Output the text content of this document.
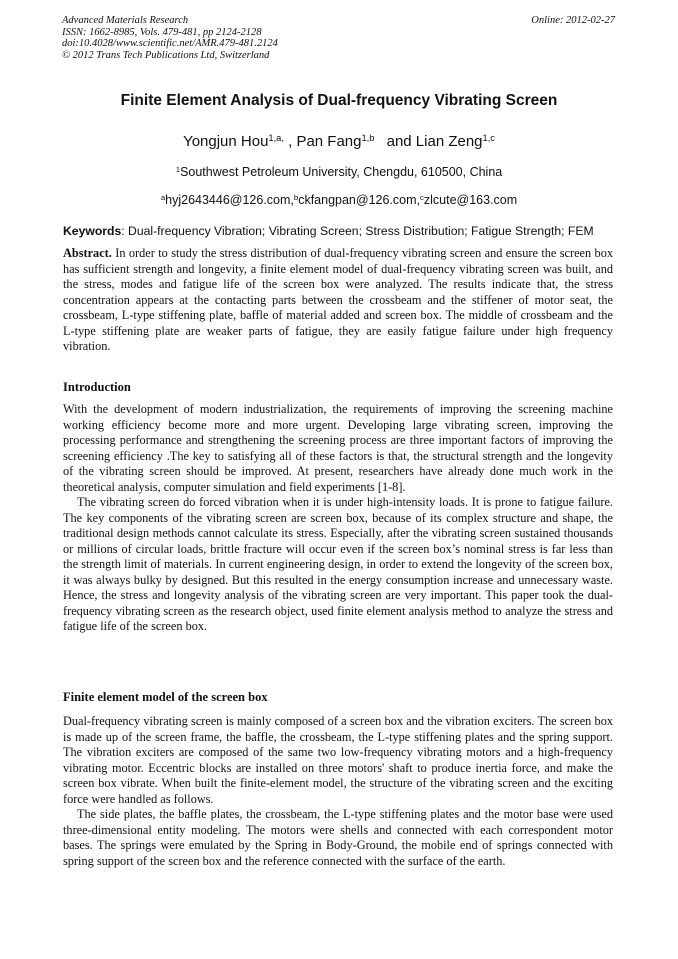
Advanced Materials Research
ISSN: 1662-8985, Vols. 479-481, pp 2124-2128
doi:10.4028/www.scientific.net/AMR.479-481.2124
© 2012 Trans Tech Publications Ltd, Switzerland
Online: 2012-02-27
Finite Element Analysis of Dual-frequency Vibrating Screen
Yongjun Hou$^{1,a,}$ , Pan Fang$^{1,b}$ and Lian Zeng$^{1,c}$
$^1$Southwest Petroleum University, Chengdu, 610500, China
$^a$hyj2643446@126.com,$^b$ckfangpan@126.com,$^c$zlcute@163.com
Keywords: Dual-frequency Vibration; Vibrating Screen; Stress Distribution; Fatigue Strength; FEM
Abstract. In order to study the stress distribution of dual-frequency vibrating screen and ensure the screen box has sufficient strength and longevity, a finite element model of dual-frequency vibrating screen was built, and the stress, modes and fatigue life of the screen box were analyzed. The results indicate that, the stress concentration appears at the contacting parts between the crossbeam and the stiffener of motor seat, the crossbeam, L-type stiffening plate, baffle of material added and screen box. The middle of crossbeam and the L-type stiffening plate are weaker parts of fatigue, they are easily fatigue failure under high frequency vibration.
Introduction

With the development of modern industrialization, the requirements of improving the screening machine working efficiency become more and more urgent. Developing large vibrating screen, improving the processing performance and strengthening the screening process are three important factors of improving the screening efficiency .The key to satisfying all of these factors is that, the structural strength and the longevity of the vibrating screen should be improved. At present, researchers have already done much work in the theoretical analysis, computer simulation and field experiments [1-8].

The vibrating screen do forced vibration when it is under high-intensity loads. It is prone to fatigue failure. The key components of the vibrating screen are screen box, because of its complex structure and shape, the traditional design methods cannot calculate its stress. Especially, after the vibrating screen sustained thousands or millions of circular loads, brittle fracture will occur even if the screen box’s nominal stress is far less than the strength limit of materials. In current engineering design, in order to extend the longevity of the screen box, it was always bulky by designed. But this resulted in the energy consumption increase and unnecessary waste. Hence, the stress and longevity analysis of the vibrating screen are very important. This paper took the dual-frequency vibrating screen as the research object, used finite element analysis method to analyze the stress and fatigue life of the screen box.

Finite element model of the screen box

Dual-frequency vibrating screen is mainly composed of a screen box and the vibration exciters. The screen box is made up of the screen frame, the baffle, the crossbeam, the L-type stiffening plates and the spring support. The vibration exciters are composed of the same two low-frequency vibrating motors and a high-frequency vibrating motor. Eccentric blocks are installed on three motors' shaft to produce inertia force, and make the screen box vibrate. When built the finite-element model, the structure of the vibrating screen and the exciting force were handled as follows.

The side plates, the baffle plates, the crossbeam, the L-type stiffening plates and the motor base were used three-dimensional entity modeling. The motors were shells and connected with each correspondent motor bases. The springs were emulated by the Spring in Body-Ground, the mobile end of springs connected with spring support of the screen box and the reference connected with the surface of the earth.
